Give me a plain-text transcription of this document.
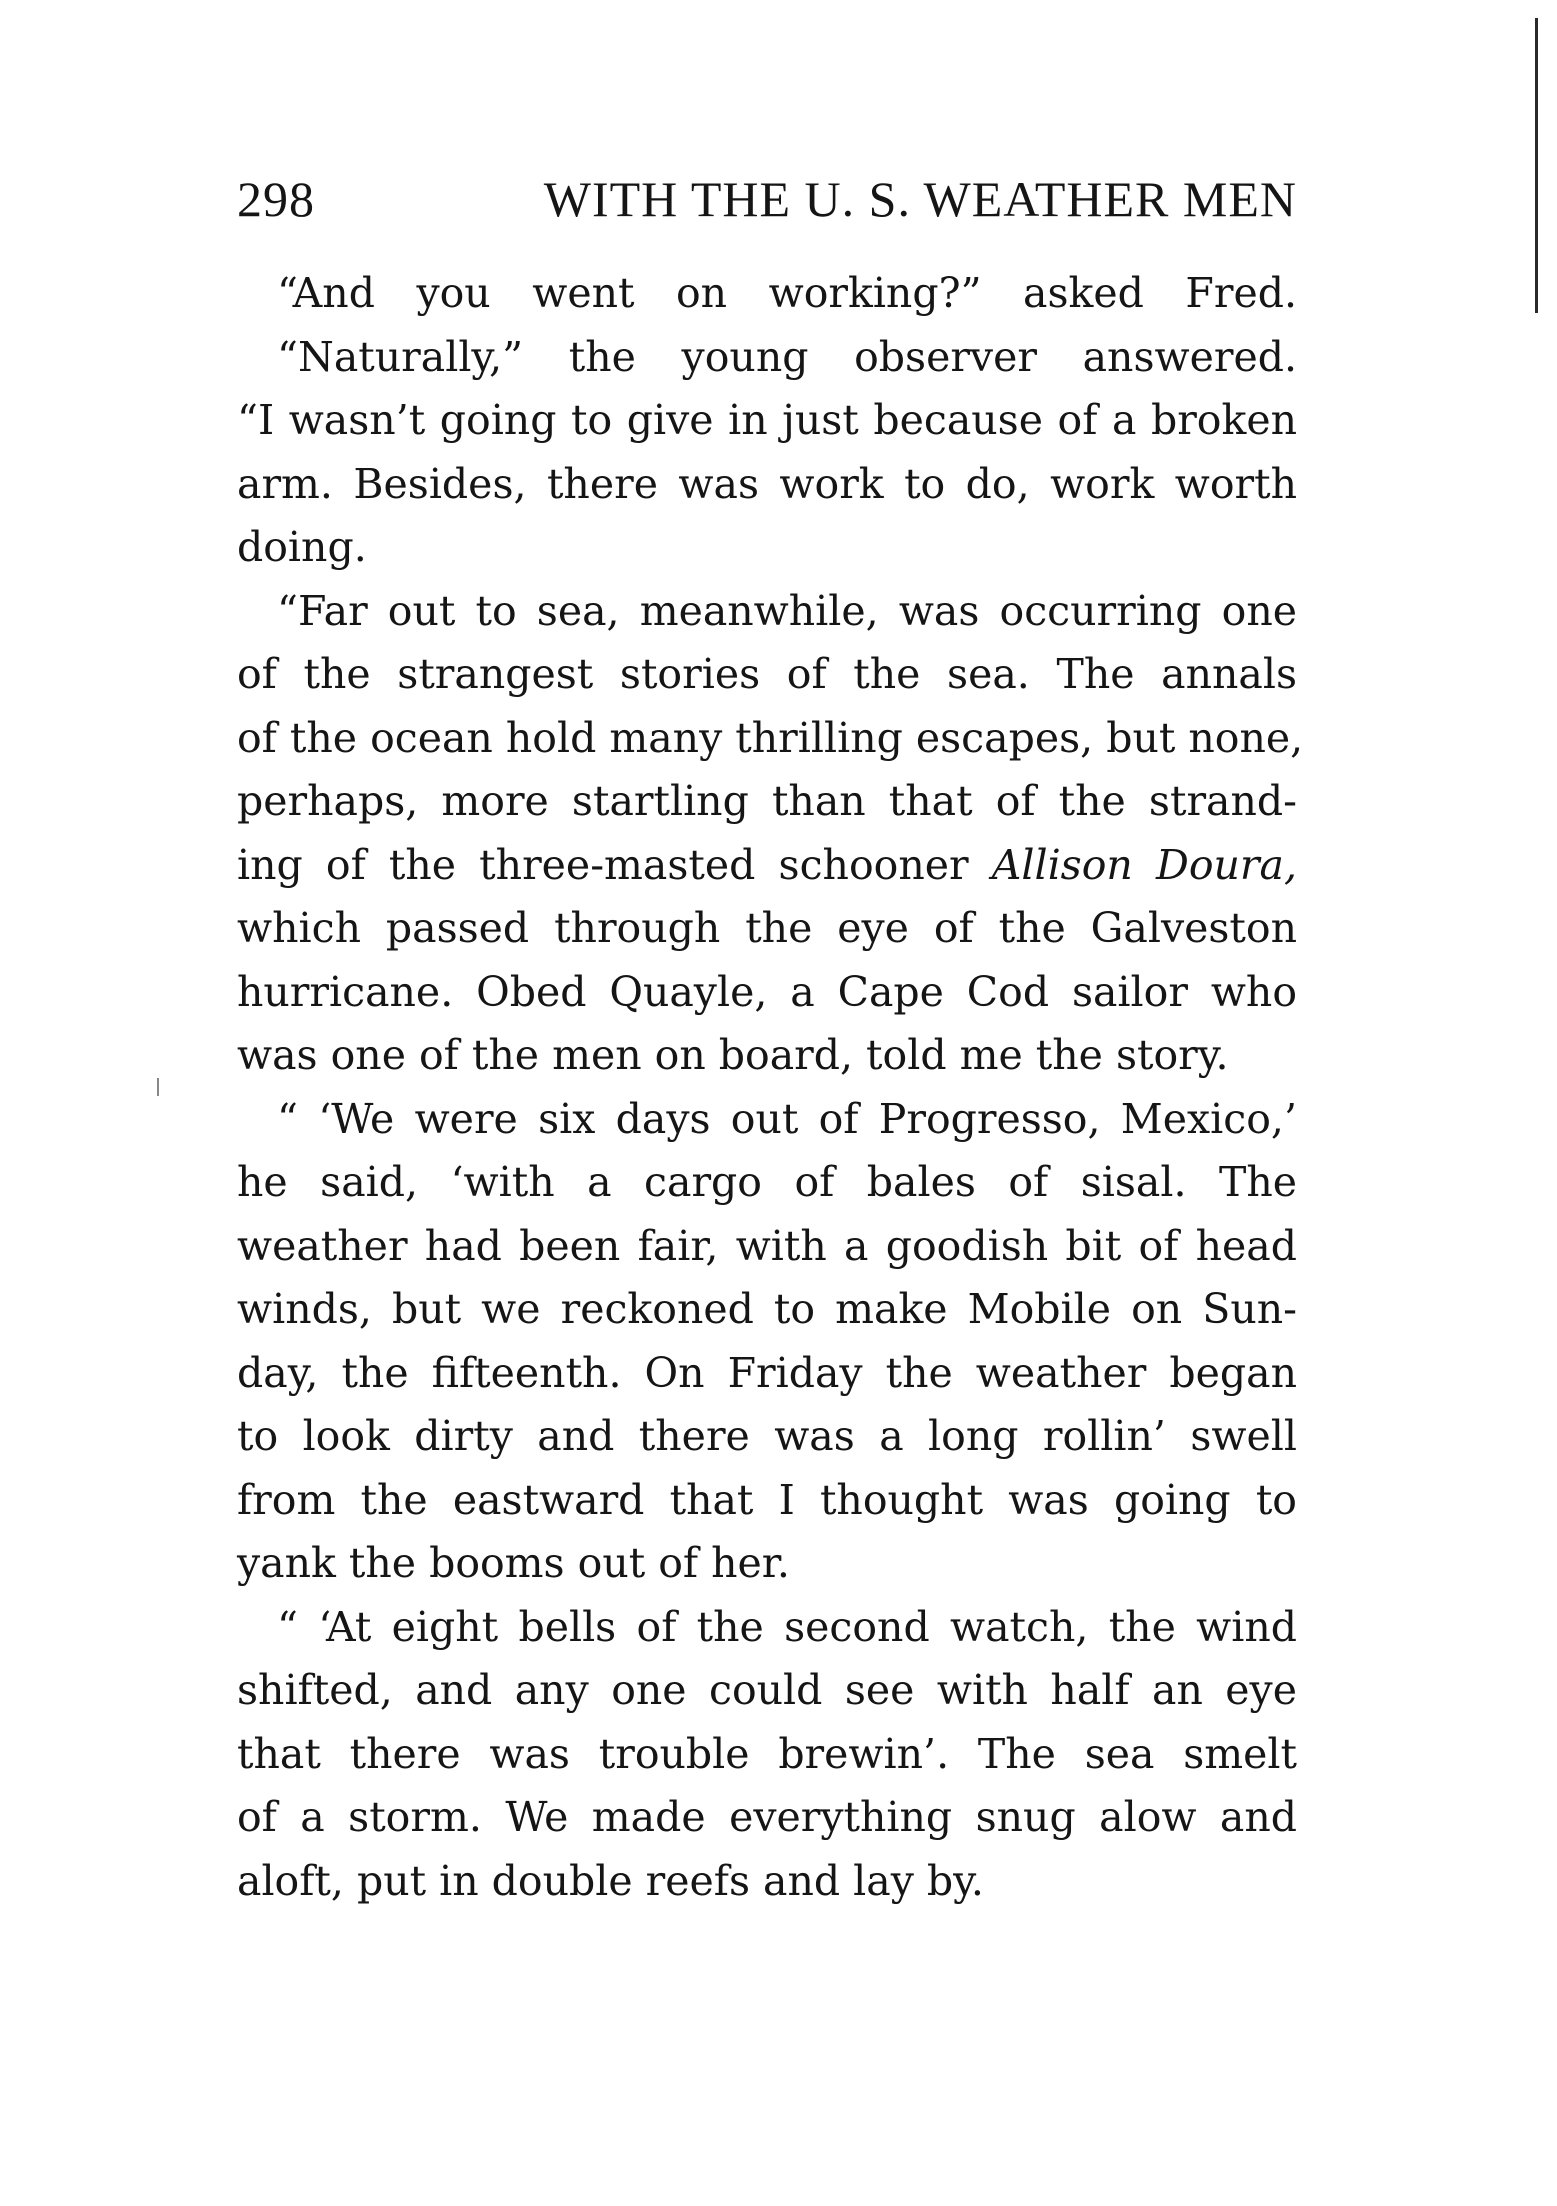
298	WITH THE U. S. WEATHER MEN
“And you went on working?” asked Fred.
“Naturally,” the young observer answered.
“I wasn’t going to give in just because of a broken
arm. Besides, there was work to do, work worth
doing.
“Far out to sea, meanwhile, was occurring one
of the strangest stories of the sea. The annals
of the ocean hold many thrilling escapes, but none,
perhaps, more startling than that of the strand-
ing of the three-masted schooner Allison Doura,
which passed through the eye of the Galveston
hurricane. Obed Quayle, a Cape Cod sailor who
was one of the men on board, told me the story.
“ ‘We were six days out of Progresso, Mexico,’
he said, ‘with a cargo of bales of sisal. The
weather had been fair, with a goodish bit of head
winds, but we reckoned to make Mobile on Sun-
day, the fifteenth. On Friday the weather began
to look dirty and there was a long rollin’ swell
from the eastward that I thought was going to
yank the booms out of her.
“ ‘At eight bells of the second watch, the wind
shifted, and any one could see with half an eye
that there was trouble brewin’. The sea smelt
of a storm. We made everything snug alow and
aloft, put in double reefs and lay by.
